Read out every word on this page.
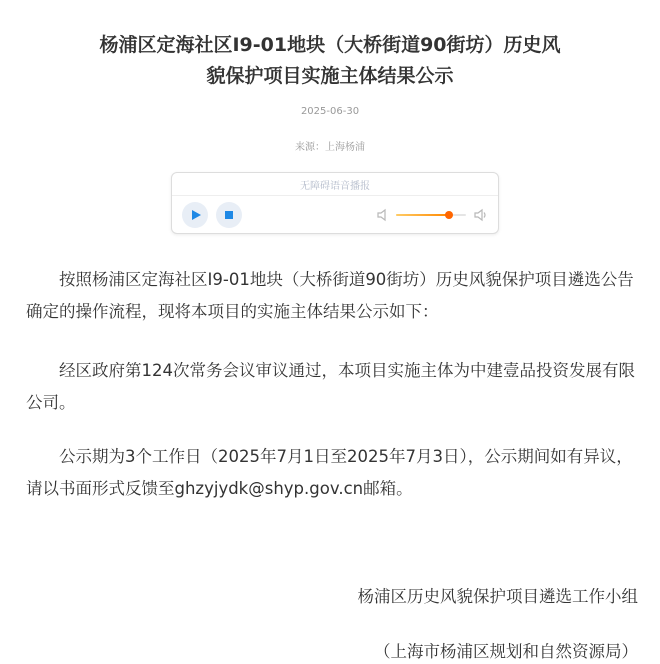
杨浦区定海社区I9-01地块（大桥街道90街坊）历史风
貌保护项目实施主体结果公示
2025-06-30
来源：上海杨浦
无障碍语音播报
按照杨浦区定海社区I9-01地块（大桥街道90街坊）历史风貌保护项目遴选公告确定的操作流程，现将本项目的实施主体结果公示如下：
经区政府第124次常务会议审议通过，本项目实施主体为中建壹品投资发展有限公司。
公示期为3个工作日（2025年7月1日至2025年7月3日），公示期间如有异议，请以书面形式反馈至ghzyjydk@shyp.gov.cn邮箱。
杨浦区历史风貌保护项目遴选工作小组
（上海市杨浦区规划和自然资源局）
